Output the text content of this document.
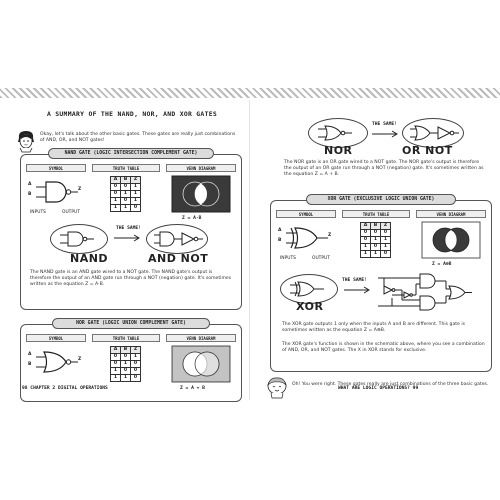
A SUMMARY OF THE NAND, NOR, AND XOR GATES
Okay, let's talk about the other basic gates. These gates are really just combinations of AND, OR, and NOT gates!
NAND GATE (LOGIC INTERSECTION COMPLEMENT GATE)
SYMBOL	TRUTH TABLE	VENN DIAGRAM
A
B
Z
INPUTS	OUTPUT
A	B	Z
0	0	1
0	1	1
1	0	1
1	1	0
Z = A·B
NAND
THE SAME!
AND NOT
The NAND gate is an AND gate wired to a NOT gate. The NAND gate's output is therefore the output of an AND gate run through a NOT (negation) gate. It's sometimes written as the equation Z = A·B.
NOR GATE (LOGIC UNION COMPLEMENT GATE)
SYMBOL	TRUTH TABLE	VENN DIAGRAM
A
B
Z
A	B	Z
0	0	1
0	1	0
1	0	0
1	1	0
Z = A + B
98 CHAPTER 2 DIGITAL OPERATIONS
NOR
THE SAME!
OR NOT
The NOR gate is an OR gate wired to a NOT gate. The NOR gate's output is therefore the output of an OR gate run through a NOT (negation) gate. It's sometimes written as the equation Z = A + B.
XOR GATE (EXCLUSIVE LOGIC UNION GATE)
SYMBOL	TRUTH TABLE	VENN DIAGRAM
A
B
Z
INPUTS	OUTPUT
A	B	Z
0	0	0
0	1	1
1	0	1
1	1	0
Z = A⊕B
XOR
THE SAME!
The XOR gate outputs 1 only when the inputs A and B are different. This gate is sometimes written as the equation Z = A⊕B.
The XOR gate's function is shown in the schematic above, where you see a combination of AND, OR, and NOT gates. The X in XOR stands for exclusive.
Oh! You were right. These gates really are just combinations of the three basic gates.
WHAT ARE LOGIC OPERATIONS? 99
